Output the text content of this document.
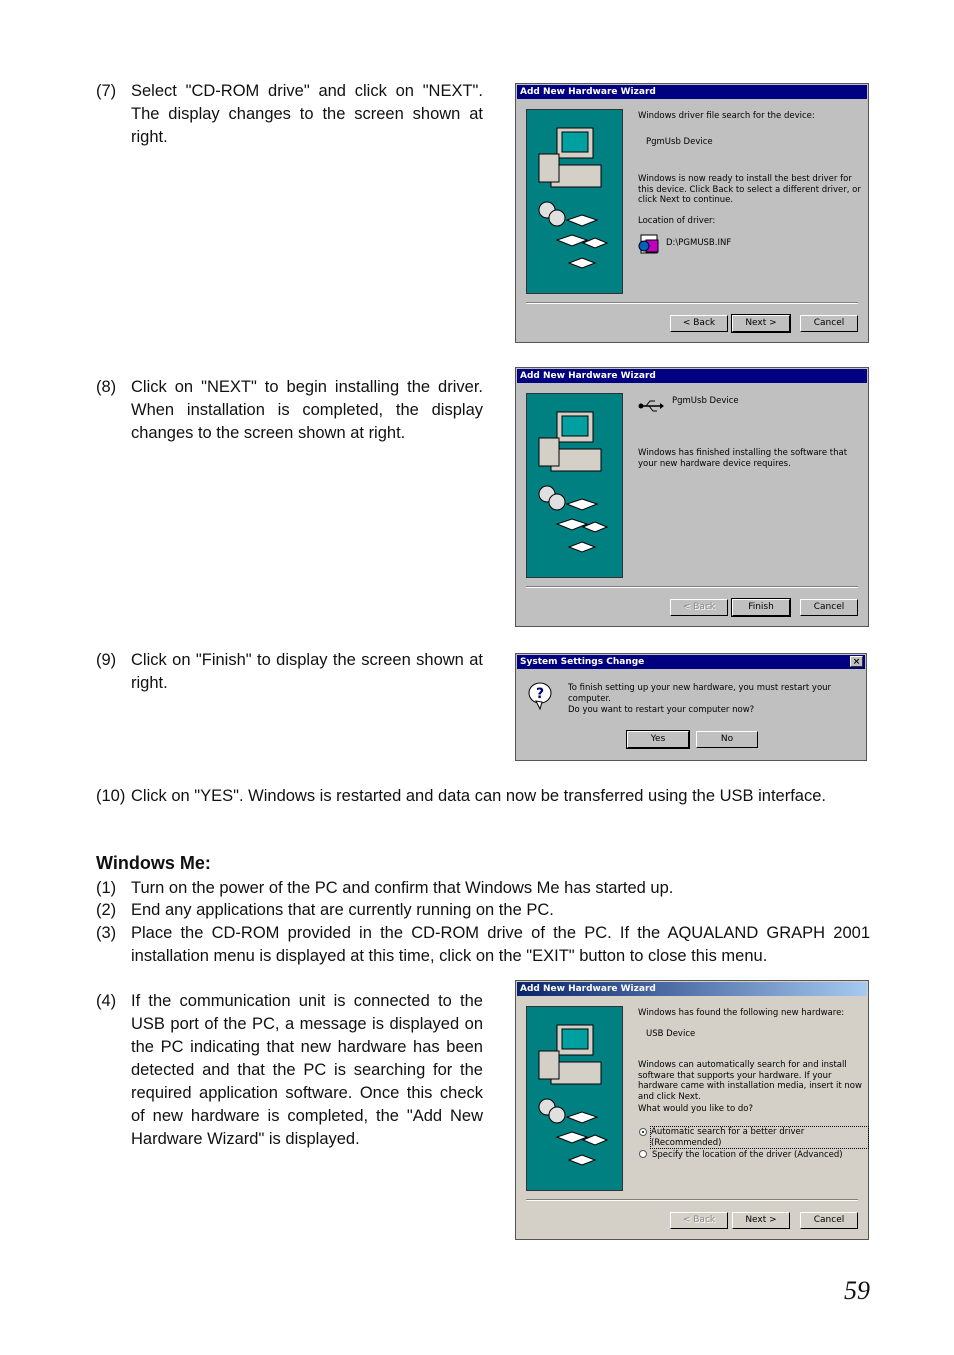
(7) Select "CD-ROM drive" and click on "NEXT". The display changes to the screen shown at right.
Add New Hardware Wizard
Windows driver file search for the device:
PgmUsb Device
Windows is now ready to install the best driver for this device. Click Back to select a different driver, or click Next to continue.
Location of driver:
D:\PGMUSB.INF
< Back	Next >	Cancel
(8) Click on "NEXT" to begin installing the driver. When installation is completed, the display changes to the screen shown at right.
Add New Hardware Wizard
PgmUsb Device
Windows has finished installing the software that your new hardware device requires.
< Back	Finish	Cancel
(9) Click on "Finish" to display the screen shown at right.
System Settings Change	×
?	To finish setting up your new hardware, you must restart your computer.
Do you want to restart your computer now?
Yes	No
(10) Click on "YES". Windows is restarted and data can now be transferred using the USB interface.
Windows Me:
(1) Turn on the power of the PC and confirm that Windows Me has started up.
(2) End any applications that are currently running on the PC.
(3) Place the CD-ROM provided in the CD-ROM drive of the PC. If the AQUALAND GRAPH 2001 installation menu is displayed at this time, click on the "EXIT" button to close this menu.
(4) If the communication unit is connected to the USB port of the PC, a message is displayed on the PC indicating that new hardware has been detected and that the PC is searching for the required application software. Once this check of new hardware is completed, the "Add New Hardware Wizard" is displayed.
Add New Hardware Wizard
Windows has found the following new hardware:
USB Device
Windows can automatically search for and install software that supports your hardware. If your hardware came with installation media, insert it now and click Next.
What would you like to do?
Automatic search for a better driver (Recommended)
Specify the location of the driver (Advanced)
< Back	Next >	Cancel
59
